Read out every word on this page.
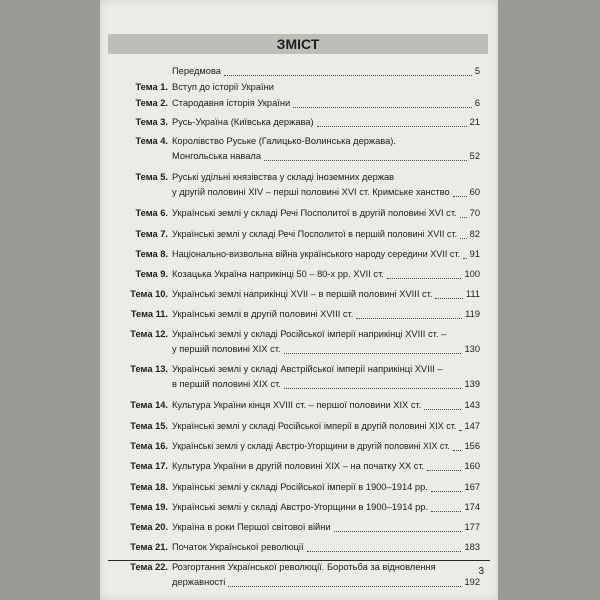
ЗМІСТ
Передмова	5
Тема 1. Вступ до історії України
Тема 2. Стародавня історія України	6
Тема 3. Русь-Україна (Київська держава)	21
Тема 4. Королівство Руське (Галицько-Волинська держава).
Монгольська навала	52
Тема 5. Руські удільні князівства у складі іноземних держав
у другій половині XIV – перші половині XVI ст. Кримське ханство 60
Тема 6. Українські землі у складі Речі Посполитої в другій половині XVI ст. 70
Тема 7. Українські землі у складі Речі Посполитої в першій половині XVII ст. 82
Тема 8. Національно-визвольна війна українського народу середини XVII ст. 91
Тема 9. Козацька Україна наприкінці 50 – 80-х рр. XVII ст.	100
Тема 10. Українські землі наприкінці XVII – в першій половині XVIII ст.	111
Тема 11. Українські землі в другій половині XVIII ст.	119
Тема 12. Українські землі у складі Російської імперії наприкінці XVIII ст. –
у першій половині XIX ст.	130
Тема 13. Українські землі у складі Австрійської імперії наприкінці XVIII –
в першій половині XIX ст.	139
Тема 14. Культура України кінця XVIII ст. – першої половини XIX ст.	143
Тема 15. Українські землі у складі Російської імперії в другій половині XIX ст. 147
Тема 16. Українські землі у складі Австро-Угорщини в другій половині XIX ст. 156
Тема 17. Культура України в другій половині XIX – на початку XX ст.	160
Тема 18. Українські землі у складі Російської імперії в 1900–1914 рр.	167
Тема 19. Українські землі у складі Австро-Угорщини в 1900–1914 рр.	174
Тема 20. Україна в роки Першої світової війни	177
Тема 21. Початок Української революції	183
Тема 22. Розгортання Української революції. Боротьба за відновлення
державності	192
3
